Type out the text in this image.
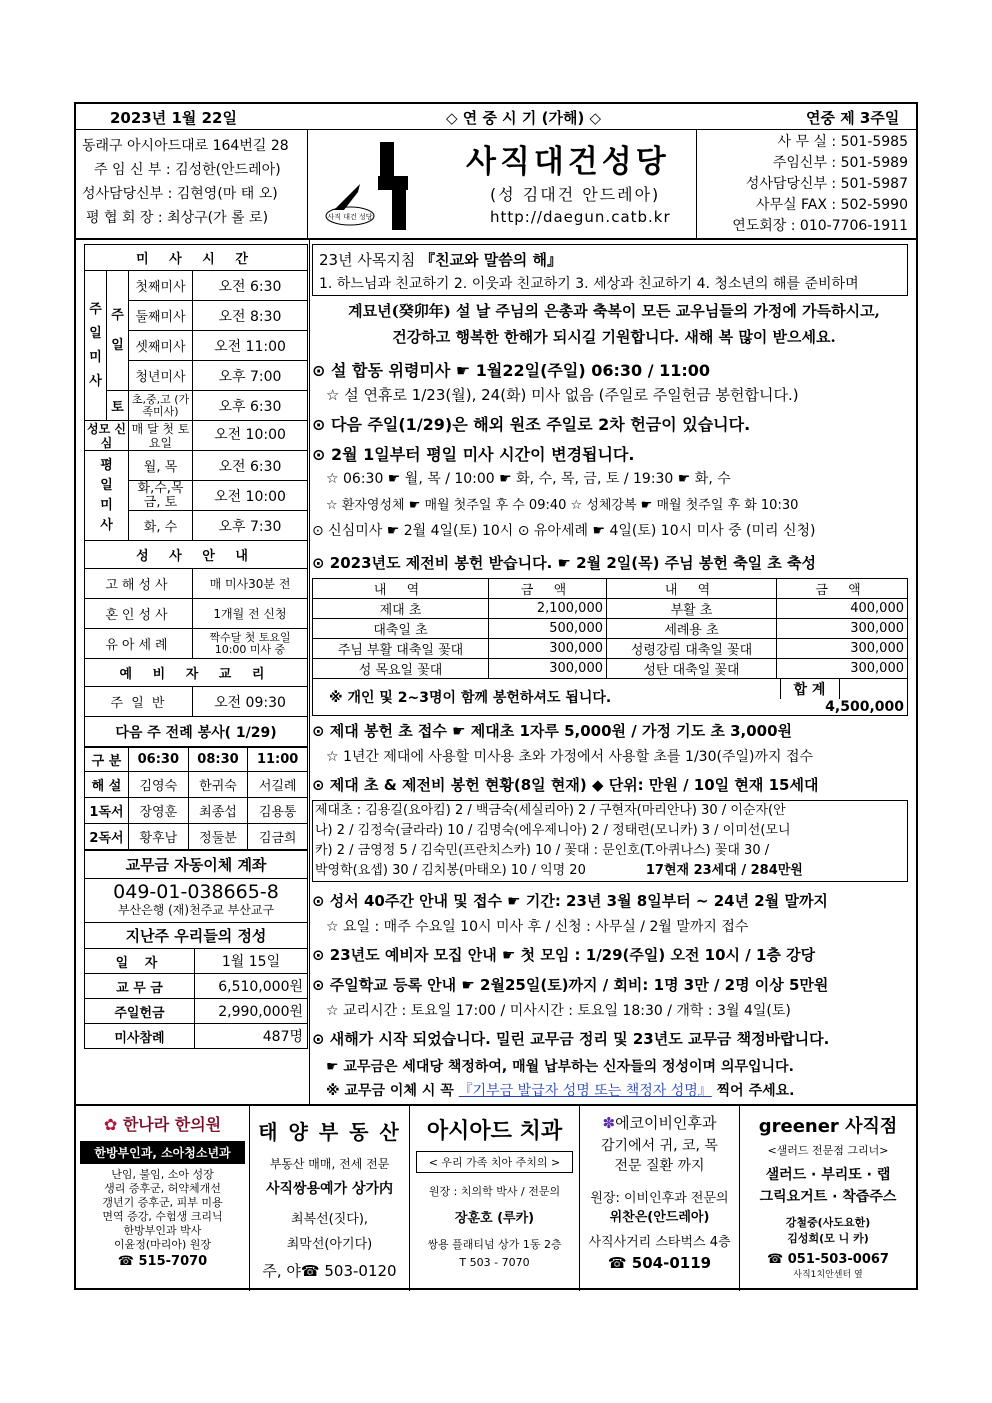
2023년 1월 22일	◇ 연 중 시 기 (가해) ◇	연중 제 3주일
동래구 아시아드대로 164번길 28
주 임 신 부 : 김성한(안드레아)
성사담당신부 : 김현영(마 태 오)
평 협 회 장 : 최상구(가 롤 로)	사직 대건 성당
사직대건성당
(성 김대건 안드레아)
http://daegun.catb.kr
사 무 실 : 501-5985
주임신부 : 501-5989
성사담당신부 : 501-5987
사무실 FAX : 502-5990
연도회장 : 010-7706-1911
미 사 시 간			
주
일
미
사	주
일	첫째미사	오전 6:30
		둘째미사	오전 8:30
		셋째미사	오전 11:00
		청년미사	오후 7:00
	토	초,중,고 (가족미사)	오후 6:30
성모 신심		매 달 첫 토요일	오전 10:00
평
일
미
사		월, 목	오전 6:30
		화,수,목 금, 토	오전 10:00
		화, 수	오후 7:30
성 사 안 내			
고해성사			매 미사30분 전
혼인성사			1개월 전 신청
유아세례			짝수달 첫 토요일 10:00 미사 중
예 비 자 교 리			
주 일 반			오전 09:30
다음 주 전례 봉사( 1/29)			
구 분	06:30	08:30	11:00
해 설	김영숙	한귀숙	서길례
1독서	장영훈	최종섭	김용통
2독서	황후남	정둘분	김금희
교무금 자동이체 계좌	

049-01-038665-8
부산은행 (재)천주교 부산교구	

지난주 우리들의 정성	
일 자	1월 15일
교 무 금	6,510,000원
주일헌금	2,990,000원
미사참례	487명
23년 사목지침 『친교와 말씀의 해』
1. 하느님과 친교하기 2. 이웃과 친교하기 3. 세상과 친교하기 4. 청소년의 해를 준비하며
계묘년(癸卯年) 설 날 주님의 은총과 축복이 모든 교우님들의 가정에 가득하시고,
건강하고 행복한 한해가 되시길 기원합니다. 새해 복 많이 받으세요.
⊙ 설 합동 위령미사 ☛ 1월22일(주일) 06:30 / 11:00
☆ 설 연휴로 1/23(월), 24(화) 미사 없음 (주일로 주일헌금 봉헌합니다.)
⊙ 다음 주일(1/29)은 해외 원조 주일로 2차 헌금이 있습니다.
⊙ 2월 1일부터 평일 미사 시간이 변경됩니다.
☆ 06:30 ☛ 월, 목 / 10:00 ☛ 화, 수, 목, 금, 토 / 19:30 ☛ 화, 수
☆ 환자영성체 ☛ 매월 첫주일 후 수 09:40 ☆ 성체강복 ☛ 매월 첫주일 후 화 10:30
⊙ 신심미사 ☛ 2월 4일(토) 10시 ⊙ 유아세례 ☛ 4일(토) 10시 미사 중 (미리 신청)
⊙ 2023년도 제전비 봉헌 받습니다. ☛ 2월 2일(목) 주님 봉헌 축일 초 축성
내 역	금 액	내 역	금 액
제대 초	2,100,000	부활 초	400,000
대축일 초	500,000	세례용 초	300,000
주님 부활 대축일 꽃대	300,000	성령강림 대축일 꽃대	300,000
성 목요일 꽃대	300,000	성탄 대축일 꽃대	300,000
※ 개인 및 2~3명이 함께 봉헌하셔도 됩니다.			합 계
4,500,000
⊙ 제대 봉헌 초 접수 ☛ 제대초 1자루 5,000원 / 가정 기도 초 3,000원
☆ 1년간 제대에 사용할 미사용 초와 가정에서 사용할 초를 1/30(주일)까지 접수
⊙ 제대 초 & 제전비 봉헌 현황(8일 현재) ◆ 단위: 만원 / 10일 현재 15세대
제대초 : 김용길(요아킴) 2 / 백금숙(세실리아) 2 / 구현자(마리안나) 30 / 이순자(안
나) 2 / 김정숙(글라라) 10 / 김명숙(에우제니아) 2 / 정태련(모니카) 3 / 이미선(모니
카) 2 / 금영정 5 / 김숙민(프란치스카) 10 / 꽃대 : 문인호(T.아퀴나스) 꽃대 30 /
박영학(요셉) 30 / 김치봉(마태오) 10 / 익명 20	17현재 23세대 / 284만원
⊙ 성서 40주간 안내 및 접수 ☛ 기간: 23년 3월 8일부터 ~ 24년 2월 말까지
☆ 요일 : 매주 수요일 10시 미사 후 / 신청 : 사무실 / 2월 말까지 접수
⊙ 23년도 예비자 모집 안내 ☛ 첫 모임 : 1/29(주일) 오전 10시 / 1층 강당
⊙ 주일학교 등록 안내 ☛ 2월25일(토)까지 / 회비: 1명 3만 / 2명 이상 5만원
☆ 교리시간 : 토요일 17:00 / 미사시간 : 토요일 18:30 / 개학 : 3월 4일(토)
⊙ 새해가 시작 되었습니다. 밀린 교무금 정리 및 23년도 교무금 책정바랍니다.
☛ 교무금은 세대당 책정하여, 매월 납부하는 신자들의 정성이며 의무입니다.
※ 교무금 이체 시 꼭 『기부금 발급자 성명 또는 책정자 성명』 찍어 주세요.
✿ 한나라 한의원
한방부인과, 소아청소년과
난임, 불임, 소아 성장
생리 증후군, 허약체개선
갱년기 증후군, 피부 미용
면역 증강, 수험생 크리닉
한방부인과 박사
이윤정(마리아) 원장
☎ 515-7070
태 양 부 동 산
부동산 매매, 전세 전문
사직쌍용예가 상가内
최복선(짓다),
최막선(아기다)
주, 야☎ 503-0120
아시아드 치과
< 우리 가족 치아 주치의 >
원장 : 치의학 박사 / 전문의
장훈호 (루카)
쌍용 플래티넘 상가 1동 2층
T 503 - 7070
✽에코이비인후과
감기에서 귀, 코, 목
전문 질환 까지
원장: 이비인후과 전문의
위찬은(안드레아)
사직사거리 스타벅스 4층
☎ 504-0119
greener 사직점
<샐러드 전문점 그리너>
샐러드 · 부리또 · 랩
그릭요거트 · 착즙주스
강철중(사도요한)
김성희(모 니 카)
☎ 051-503-0067
사직1치안센터 옆
